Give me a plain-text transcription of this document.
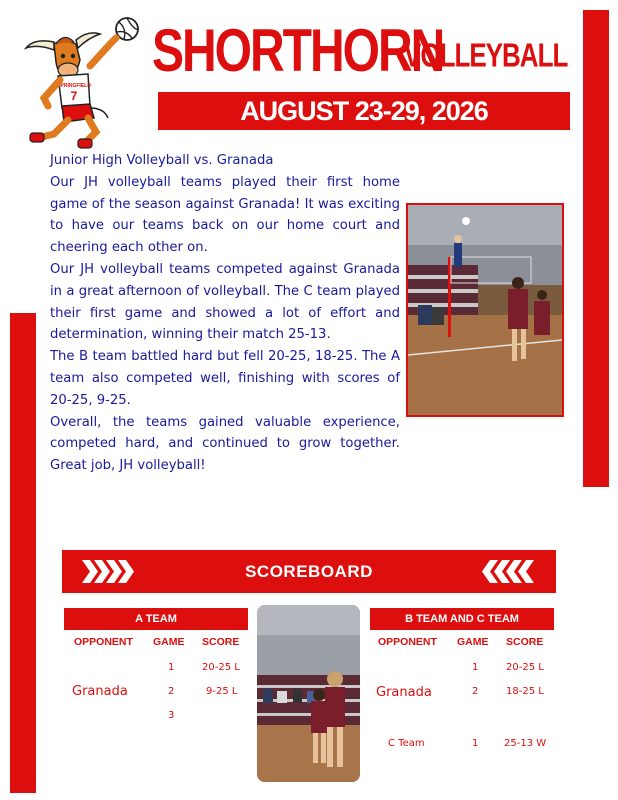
SPRINGFIELD
7
SHORTHORN
VOLLEYBALL
AUGUST 23-29, 2026

Junior High Volleyball vs. Granada

Our JH volleyball teams played their first home game of the season against Granada! It was exciting to have our teams back on our home court and cheering each other on.

Our JH volleyball teams competed against Granada in a great afternoon of volleyball. The C team played their first game and showed a lot of effort and determination, winning their match 25-13.

The B team battled hard but fell 20-25, 18-25. The A team also competed well, finishing with scores of 20-25, 9-25.

Overall, the teams gained valuable experience, competed hard, and continued to grow together. Great job, JH volleyball!

SCOREBOARD
A TEAM
OPPONENT GAME SCORE
Granada
1
2
3
20-25 L
9-25 L
B TEAM AND C TEAM
OPPONENT GAME SCORE
Granada
1
2
20-25 L
18-25 L
C Team	1	25-13 W
